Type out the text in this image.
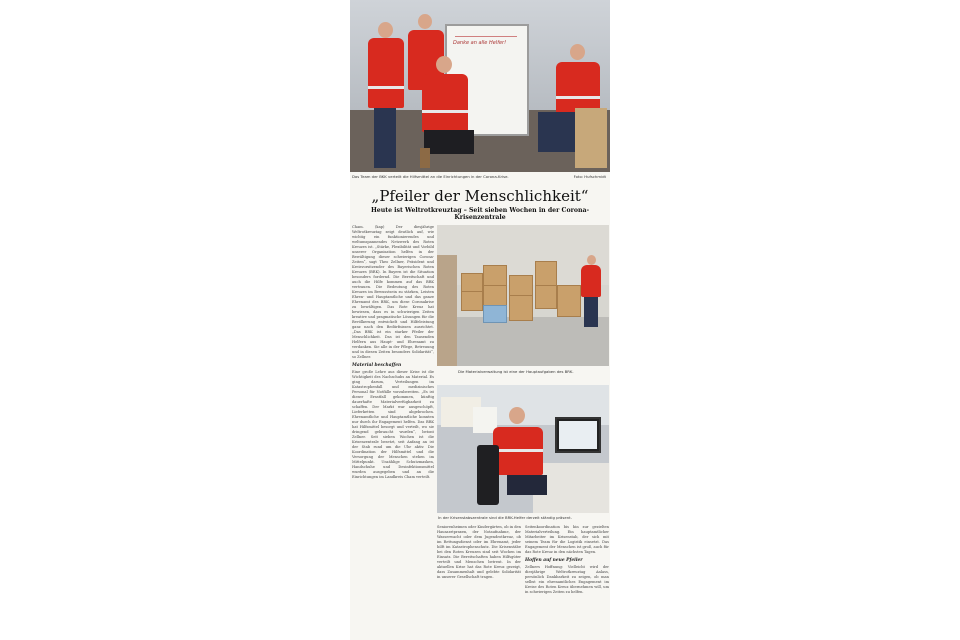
Danke an alle Helfer!
Das Team der BKK verteilt die Hilfsmittel an die Einrichtungen in der Corona-Krise.	Foto: Hufschmidt
„Pfeiler der Menschlichkeit“
Heute ist Weltrotkreuztag – Seit sieben Wochen in der Corona-Krisenzentrale
Cham. (kap) Der diesjährige Weltrotkreuztag zeigt deutlich auf, wie wichtig ein funktionierendes und weltumspannendes Netzwerk des Roten Kreuzes ist. „Stärke, Flexibilität und Vorbild unserer Organisation helfen in der Bewältigung dieser schwierigen Corona-Zeiten“, sagt Theo Zellner, Präsident und Kreisvorsitzender des Bayerischen Roten Kreuzes (BRK). In Bayern ist die Situation besonders fordernd. Die Bereitschaft und auch die Hilfe kommen auf das BRK vertrauen. Die Bedeutung des Roten Kreuzes im Bewusstsein zu stärken, Leisten Ehren- und Hauptamtliche und das ganze Ehrenamt des BRK, um diese Coronakrise zu bewältigen. Das Rote Kreuz hat bewiesen, dass es in schwierigen Zeiten kreative und pragmatische Lösungen für die Bevölkerung entwickelt und Hilfeleistung ganz nach den Bedürfnissen ausrichtet. „Das BRK ist ein starker Pfeiler der Menschlichkeit. Das ist den Tausenden Helfern aus Haupt- und Ehrenamt zu verdanken. Sie alle in der Pflege, Betreuung und in diesen Zeiten besonders Solidarität“, so Zellner.
Material beschaffen
Eine große Lehre aus dieser Krise ist die Wichtigkeit des Nachschubs an Material. Es ging darum, Verteilungen im Katastrophenfall und medizinisches Personal für Notfälle vorzubereiten. „Es ist dieser Ernstfall gekommen, künftig dauerhafte Materialverfügbarkeit zu schaffen. Der Markt war ausgeschöpft, Lieferketten sind abgebrochen. Ehrenamtliche und Hauptamtliche konnten nur durch ihr Engagement helfen. Das BRK hat Hilfsmittel besorgt und verteilt, wo sie dringend gebraucht wurden“, betont Zellner. Seit sieben Wochen ist die Krisenzentrale besetzt, seit Anfang an ist der Stab rund um die Uhr aktiv. Die Koordination der Hilfsmittel und die Versorgung der Menschen stehen im Mittelpunkt. Unzählige Schutzmasken, Handschuhe und Desinfektionsmittel wurden ausgegeben und an die Einrichtungen im Landkreis Cham verteilt.
Die Materialverwaltung ist eine der Hauptaufgaben des BRK.
In der Krisenstabszentrale sind die BRK-Helfer derzeit ständig präsent.
Seniorenheimen oder Kindergärten, ob in den Hausarztpraxen, der Notaufnahme, der Wasserwacht oder dem Jugendrotkreuz, ob im Rettungsdienst oder im Ehrenamt, jeder hilft im Katastrophenschutz. Die Krisenstäbe bei den Roten Kreuzen sind seit Wochen im Einsatz. Die Bereitschaften haben Hilfsgüter verteilt und Menschen betreut. In der aktuellen Krise hat das Rote Kreuz gezeigt, dass Zusammenhalt und gelebte Solidarität in unserer Gesellschaft tragen.
Seitenkoordination bis hin zur gezielten Materialverteilung. Ein hauptamtlicher Mitarbeiter im Krisenstab, der sich mit seinem Team für die Logistik einsetzt. Das Engagement der Menschen ist groß, auch für das Rote Kreuz in den nächsten Tagen.
Hoffen auf neue Pfeiler
Zellners Hoffnung: Vielleicht wird der diesjährige Weltrotkreuztag Anlass, persönlich Dankbarkeit zu zeigen, ob man selbst ein ehrenamtliches Engagement im Kreise des Roten Kreuz übernehmen will, um in schwierigen Zeiten zu helfen.
